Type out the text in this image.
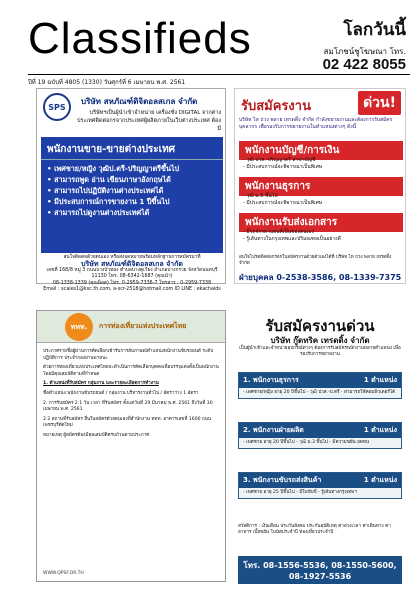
Classifieds	โลกวันนี้
สมโภชน์ชูโฆษณา โทร.
02 422 8055
ปีที่ 19 ฉบับที่ 4805 (1330) วันศุกร์ที่ 6 เมษายน พ.ศ. 2561
SPS
บริษัท สหภัณฑ์ดิจิตอลสเกล จำกัด
บริษัทฯเป็นผู้นำเข้าจำหน่าย เครื่องชั่ง DIGITAL จากต่างประเทศติดต่อกรจากประเทศผู้ผลิตภายในเว็บต่างประเทศ ต้องมี
พนักงานขาย-ขายต่างประเทศ
• เพศชาย/หญิง วุฒิป.ตรี-ปริญญาตรีขึ้นไป
• สามารถพูด อ่าน เขียนภาษาอังกฤษได้
• สามารถไปปฏิบัติงานต่างประเทศได้
• มีประสบการณ์การขายงาน 1 ปีขึ้นไป
• สามารถไปดูงานต่างประเทศได้
สนใจติดต่อด้วยตนเอง หรือส่งจดหมายพร้อมหลักฐานการสมัครมาที่
บริษัท สหภัณฑ์ดิจิตอลสเกล จำกัด
เลขที่ 168/8 หมู่ 3 ถนนบางบัวทอง ตำบลบางคูเวียง อำเภอบางกรวย จังหวัดนนทบุรี 11130 โทร. 08-6342-1687 (คุณนำ)
08-1338-1339 (คุณพ็อต) โทร. 0-2959-7336-7 โทรสาร : 0-2959-7338
Email : scales1@ksc.th.com, a-scr-2518@hotmail.com ID LINE : ekachaids
รับสมัครงาน	ด่วน!
บริษัท ไท ถ่วง พลาย เทรดดิ้ง จำกัด กำลังขยายงานและต้องการรับสมัครบุคลากร เพื่อรองรับการขยายงานในตำแหน่งต่างๆ ดังนี้
พนักงานบัญชี/การเงิน
- วุฒิ ปวส.-ปริญญาตรี สาขาบัญชี
- มีประสบการณ์จะพิจารณาเป็นพิเศษ
พนักงานธุรการ
- วุฒิ ม.6 ขึ้นไป
- มีประสบการณ์จะพิจารณาเป็นพิเศษ
พนักงานรับส่งเอกสาร
- มีรถจักรยานยนต์เป็นของตนเอง
- รู้เส้นทางในกรุงเทพและปริมณฑลเป็นอย่างดี
สนใจโปรดติดต่อกรอกใบสมัครงานด้วยตัวเองได้ที่ บริษัท ไท ถ่วง พลาย เทรดดิ้ง จำกัด
ฝ่ายบุคคล 0-2538-3586, 08-1339-7375
ททท.	การท่องเที่ยวแห่งประเทศไทย

ประกาศรายชื่อผู้ผ่านการคัดเลือกเข้ารับการสัมภาษณ์ตำแหน่งพนักงานขับรถยนต์ ระดับปฏิบัติการ ประจำกองยานพาหนะ

ด้วยการท่องเที่ยวแห่งประเทศไทยจะดำเนินการคัดเลือกบุคคลเพื่อบรรจุแต่งตั้งเป็นพนักงาน โดยมีคุณสมบัติตามที่กำหนด

1. ตำแหน่งที่รับสมัคร กลุ่มงาน และรายละเอียดการทำงาน

ชื่อตำแหน่ง พนักงานขับรถยนต์ / กลุ่มงาน บริหารงานทั่วไป / อัตราว่าง 1 อัตรา

2. การรับสมัคร 2.1 วัน เวลา ที่รับสมัคร ตั้งแต่วันที่ 29 มีนาคม พ.ศ. 2561 ถึงวันที่ 30 เมษายน พ.ศ. 2561

2.2 สถานที่รับสมัคร ยื่นใบสมัครด้วยตนเองที่สำนักงาน ททท. อาคารเลขที่ 1600 ถนนเพชรบุรีตัดใหม่

หมายเหตุ ผู้สมัครต้องมีคุณสมบัติครบถ้วนตามประกาศ

WWW.QPSF.OR.TH
รับสมัครงานด่วน
บริษัท กู๊ดทริค เทรดดิ้ง จำกัด
เป็นผู้นำเข้าและจำหน่ายอุปกรณ์ต่างๆ ต้องการรับสมัครพนักงานหลายตำแหน่ง เพื่อรองรับการขยายงาน
1. พนักงานธุรการ	1 ตำแหน่ง
- เพศชาย/หญิง อายุ 20 ปีขึ้นไป - วุฒิ ปวส.-ป.ตรี - สามารถใช้คอมพิวเตอร์ได้
2. พนักงานฝ่ายผลิต	1 ตำแหน่ง
- เพศชาย อายุ 20 ปีขึ้นไป - วุฒิ ม.3 ขึ้นไป - มีความขยัน อดทน
3. พนักงานขับรถส่งสินค้า	1 ตำแหน่ง
- เพศชาย อายุ 25 ปีขึ้นไป - มีใบขับขี่ - รู้เส้นทางกรุงเทพฯ
สวัสดิการ : เงินเดือน ประกันสังคม ประกันอุบัติเหตุ ค่าล่วงเวลา ค่าเดินทาง ค่าอาหาร เบี้ยขยัน โบนัสประจำปี ท่องเที่ยวประจำปี
โทร. 08-1556-5536, 08-1550-5600, 08-1927-5536
